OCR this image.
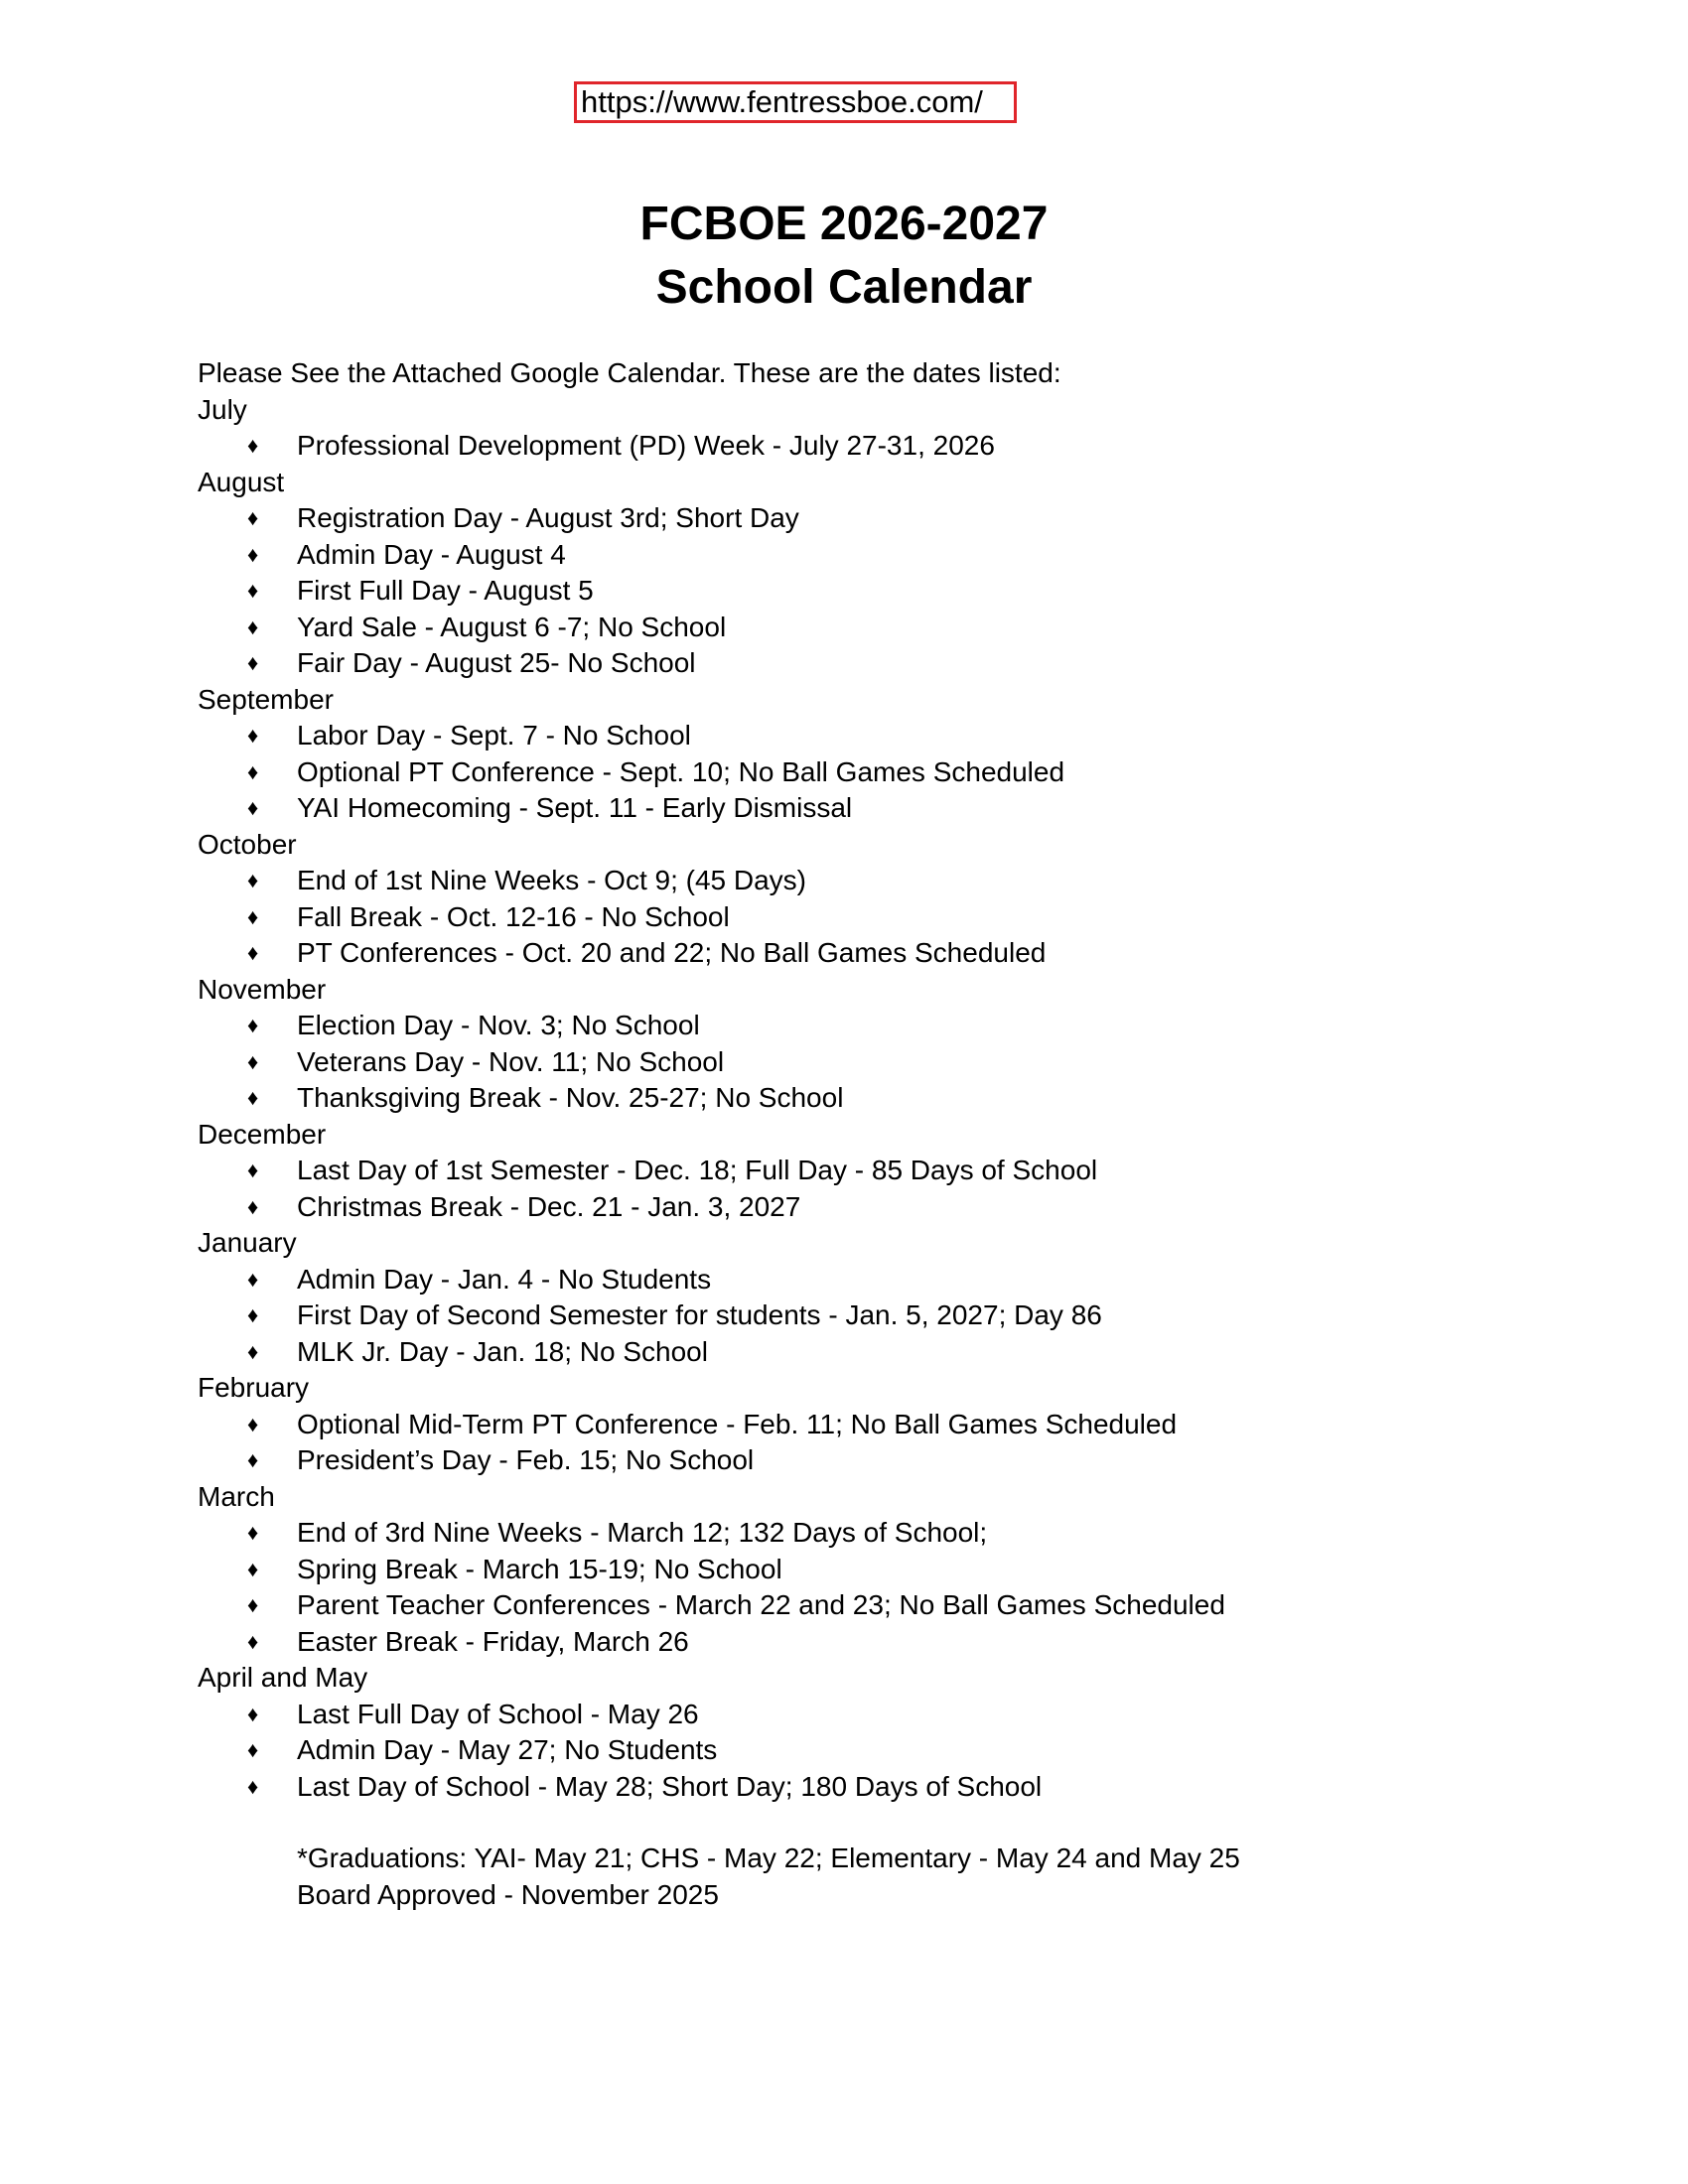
https://www.fentressboe.com/
FCBOE 2026-2027
School Calendar
Please See the Attached Google Calendar. These are the dates listed:
July
♦ Professional Development (PD) Week - July 27-31, 2026
August
♦ Registration Day - August 3rd; Short Day
♦ Admin Day - August 4
♦ First Full Day - August 5
♦ Yard Sale - August 6 -7; No School
♦ Fair Day - August 25- No School
September
♦ Labor Day - Sept. 7 - No School
♦ Optional PT Conference - Sept. 10; No Ball Games Scheduled
♦ YAI Homecoming - Sept. 11 - Early Dismissal
October
♦ End of 1st Nine Weeks - Oct 9; (45 Days)
♦ Fall Break - Oct. 12-16 - No School
♦ PT Conferences - Oct. 20 and 22; No Ball Games Scheduled
November
♦ Election Day - Nov. 3; No School
♦ Veterans Day - Nov. 11; No School
♦ Thanksgiving Break - Nov. 25-27; No School
December
♦ Last Day of 1st Semester - Dec. 18; Full Day - 85 Days of School
♦ Christmas Break - Dec. 21 - Jan. 3, 2027
January
♦ Admin Day - Jan. 4 - No Students
♦ First Day of Second Semester for students - Jan. 5, 2027; Day 86
♦ MLK Jr. Day - Jan. 18; No School
February
♦ Optional Mid-Term PT Conference - Feb. 11; No Ball Games Scheduled
♦ President’s Day - Feb. 15; No School
March
♦ End of 3rd Nine Weeks - March 12; 132 Days of School;
♦ Spring Break - March 15-19; No School
♦ Parent Teacher Conferences - March 22 and 23; No Ball Games Scheduled
♦ Easter Break - Friday, March 26
April and May
♦ Last Full Day of School - May 26
♦ Admin Day - May 27; No Students
♦ Last Day of School - May 28; Short Day; 180 Days of School
*Graduations: YAI- May 21; CHS - May 22; Elementary - May 24 and May 25
Board Approved - November 2025
